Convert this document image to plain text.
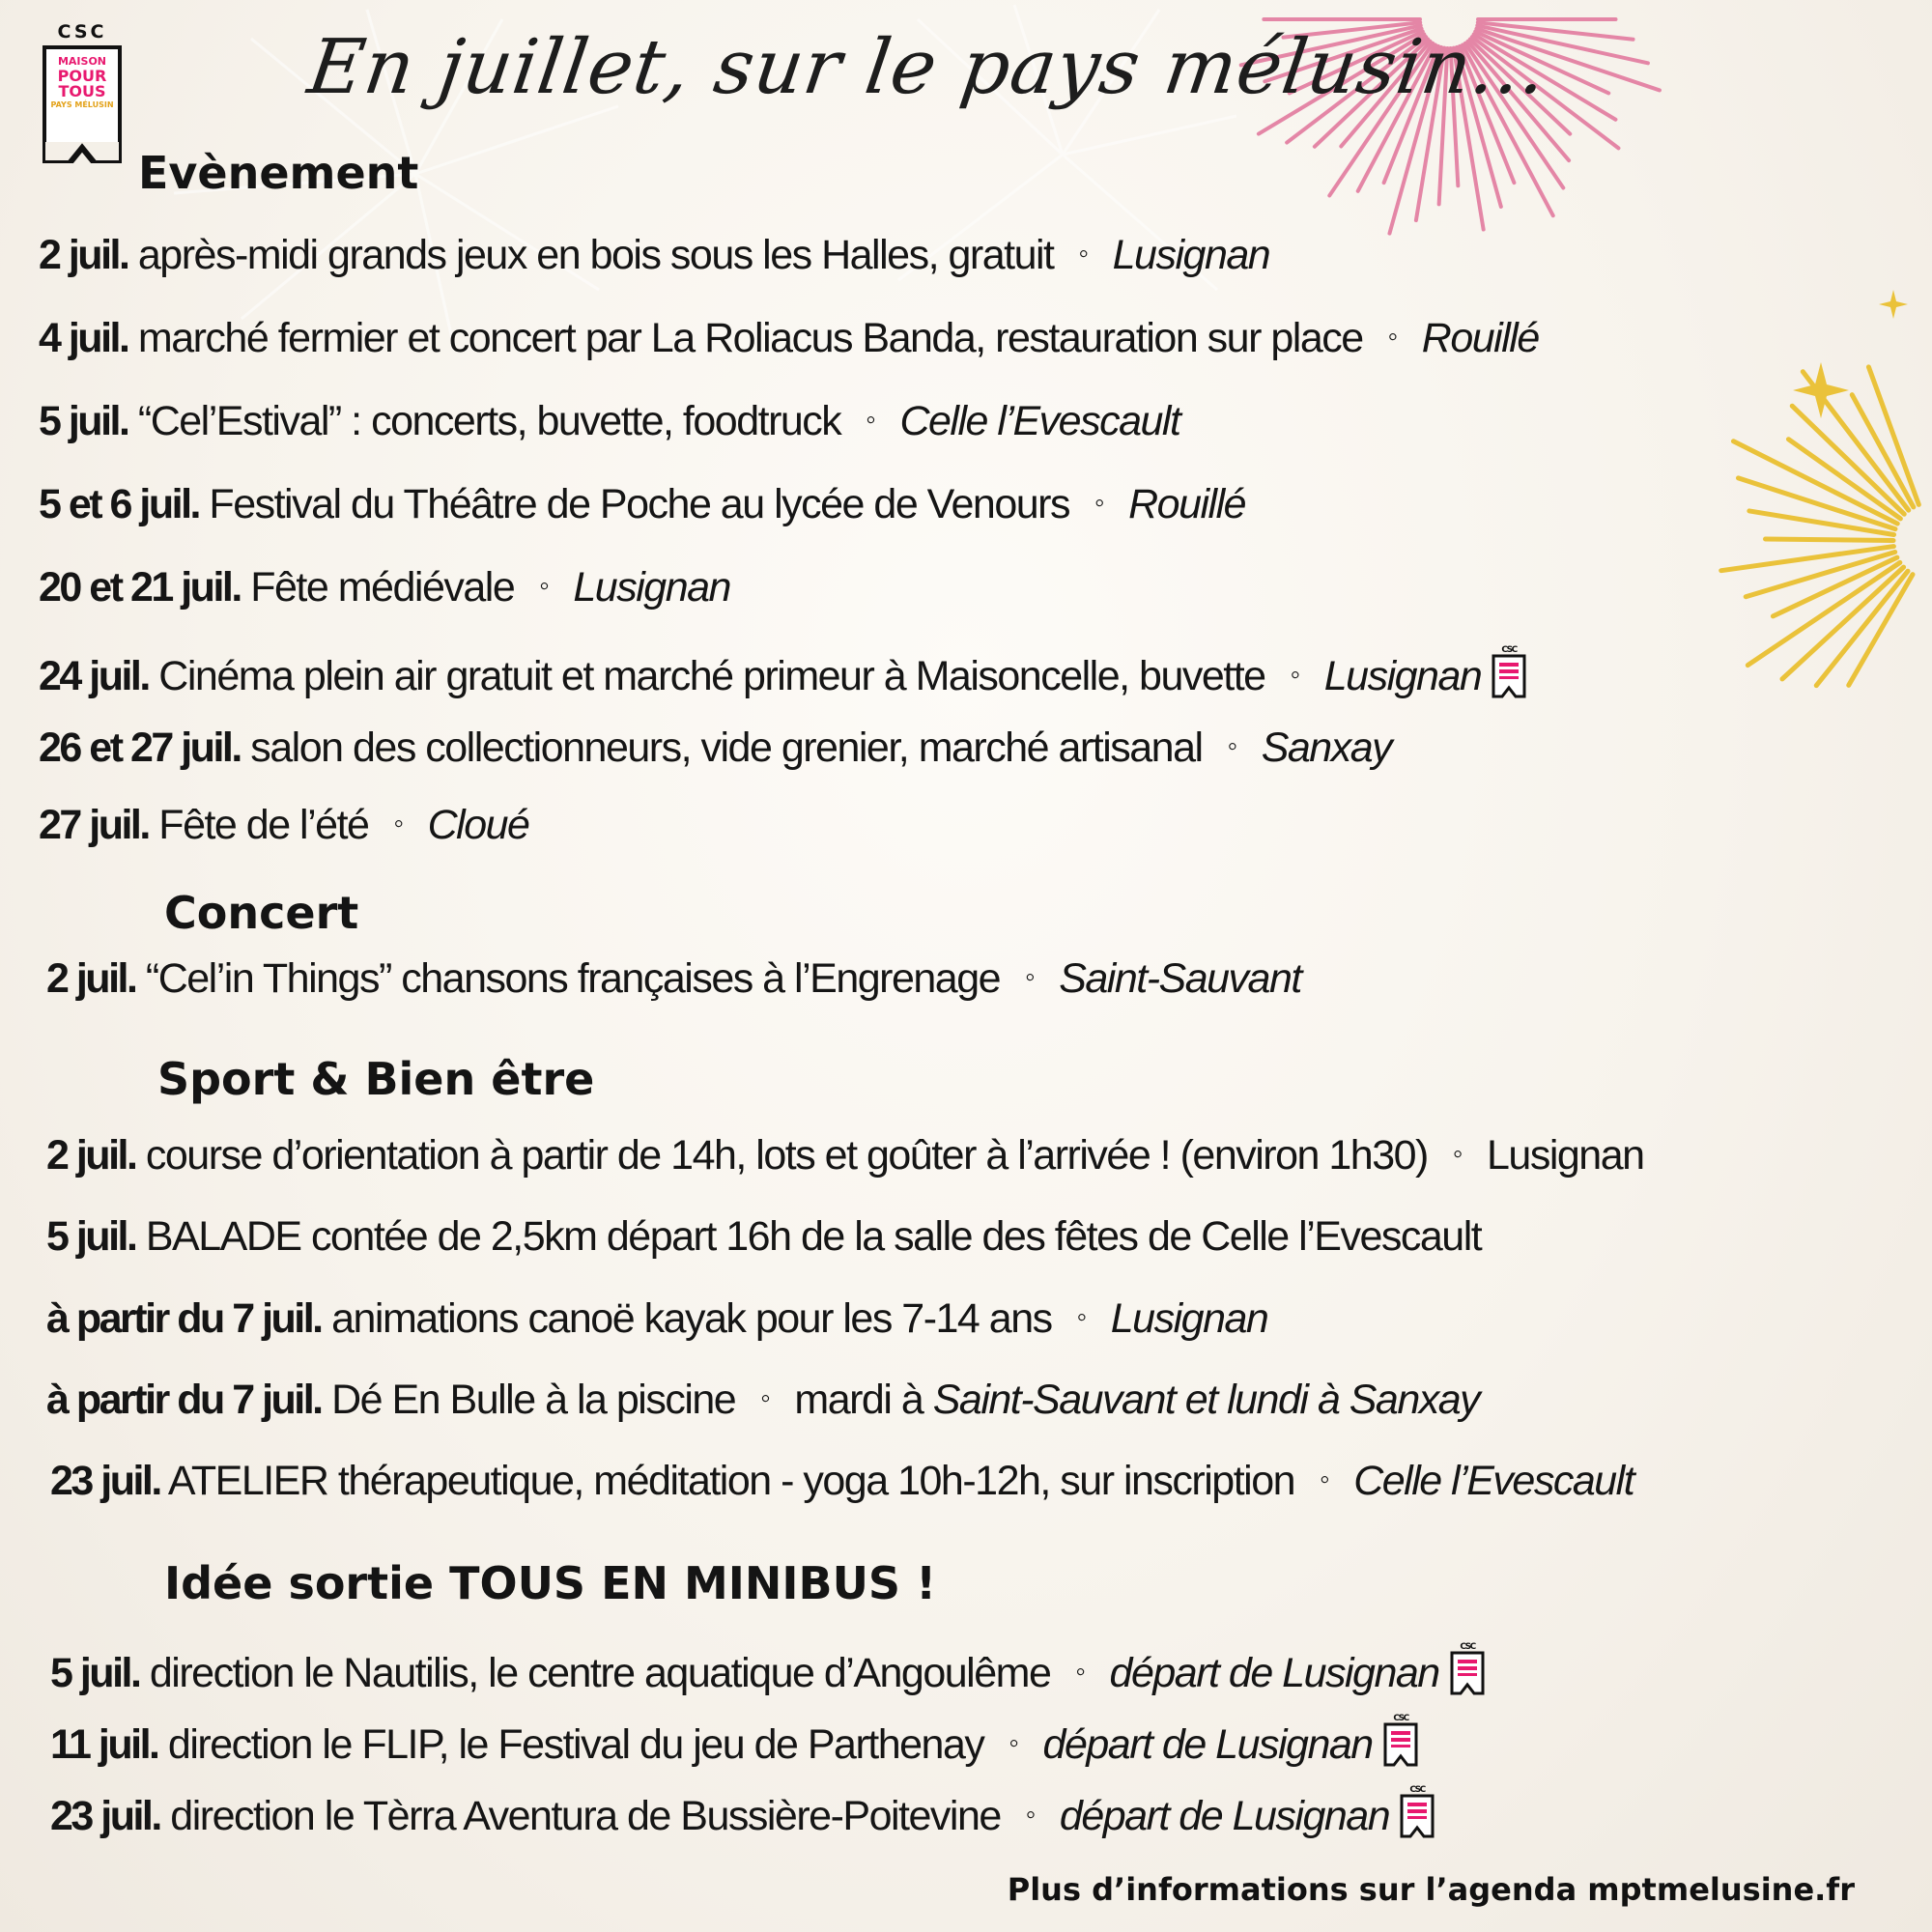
CSC
MAISON
POUR
TOUS
PAYS MÉLUSIN	En juillet, sur le pays mélusin...
Evènement
2 juil. après-midi grands jeux en bois sous les Halles, gratuit ◦ Lusignan
4 juil. marché fermier et concert par La Roliacus Banda, restauration sur place ◦ Rouillé
5 juil. “Cel’Estival” : concerts, buvette, foodtruck ◦ Celle l’Evescault
5 et 6 juil. Festival du Théâtre de Poche au lycée de Venours ◦ Rouillé
20 et 21 juil. Fête médiévale ◦ Lusignan
24 juil. Cinéma plein air gratuit et marché primeur à Maisoncelle, buvette ◦ Lusignan
CSC
26 et 27 juil. salon des collectionneurs, vide grenier, marché artisanal ◦ Sanxay
27 juil. Fête de l’été ◦ Cloué
Concert
2 juil. “Cel’in Things” chansons françaises à l’Engrenage ◦ Saint-Sauvant
Sport & Bien être
2 juil. course d’orientation à partir de 14h, lots et goûter à l’arrivée ! (environ 1h30) ◦ Lusignan
5 juil. BALADE contée de 2,5km départ 16h de la salle des fêtes de Celle l’Evescault
à partir du 7 juil. animations canoë kayak pour les 7-14 ans ◦ Lusignan
à partir du 7 juil. Dé En Bulle à la piscine ◦ mardi à Saint-Sauvant et lundi à Sanxay
23 juil. ATELIER thérapeutique, méditation - yoga 10h-12h, sur inscription ◦ Celle l’Evescault
Idée sortie TOUS EN MINIBUS !
5 juil. direction le Nautilis, le centre aquatique d’Angoulême ◦ départ de Lusignan
CSC
11 juil. direction le FLIP, le Festival du jeu de Parthenay ◦ départ de Lusignan
CSC
23 juil. direction le Tèrra Aventura de Bussière-Poitevine ◦ départ de Lusignan
CSC
Plus d’informations sur l’agenda mptmelusine.fr
